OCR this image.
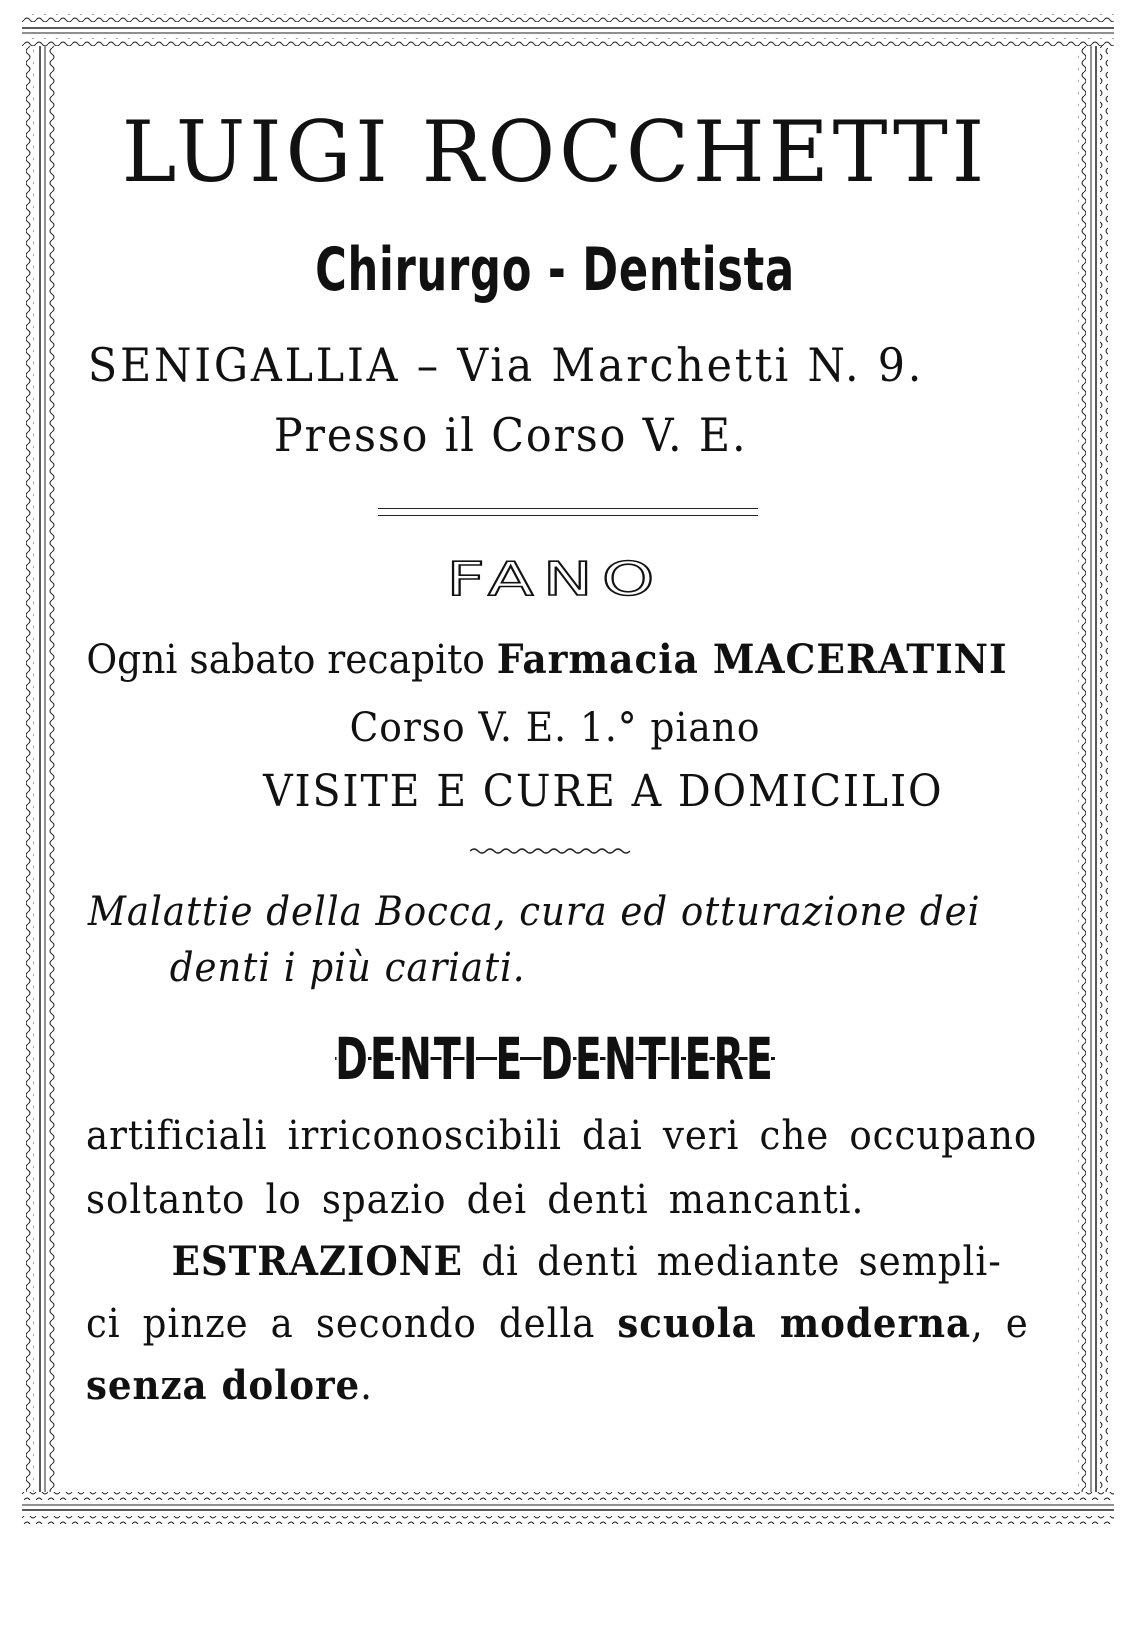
LUIGI ROCCHETTI
Chirurgo - Dentista
SENIGALLIA – Via Marchetti N. 9.
Presso il Corso V. E.
FANO
Ogni sabato recapito Farmacia MACERATINI
Corso V. E. 1.° piano
VISITE E CURE A DOMICILIO
Malattie della Bocca, cura ed otturazione dei
denti i più cariati.
DENTI E DENTIERE
artificiali irriconoscibili dai veri che occupano
soltanto lo spazio dei denti mancanti.
ESTRAZIONE di denti mediante sempli-
ci pinze a secondo della scuola moderna, e
senza dolore.
